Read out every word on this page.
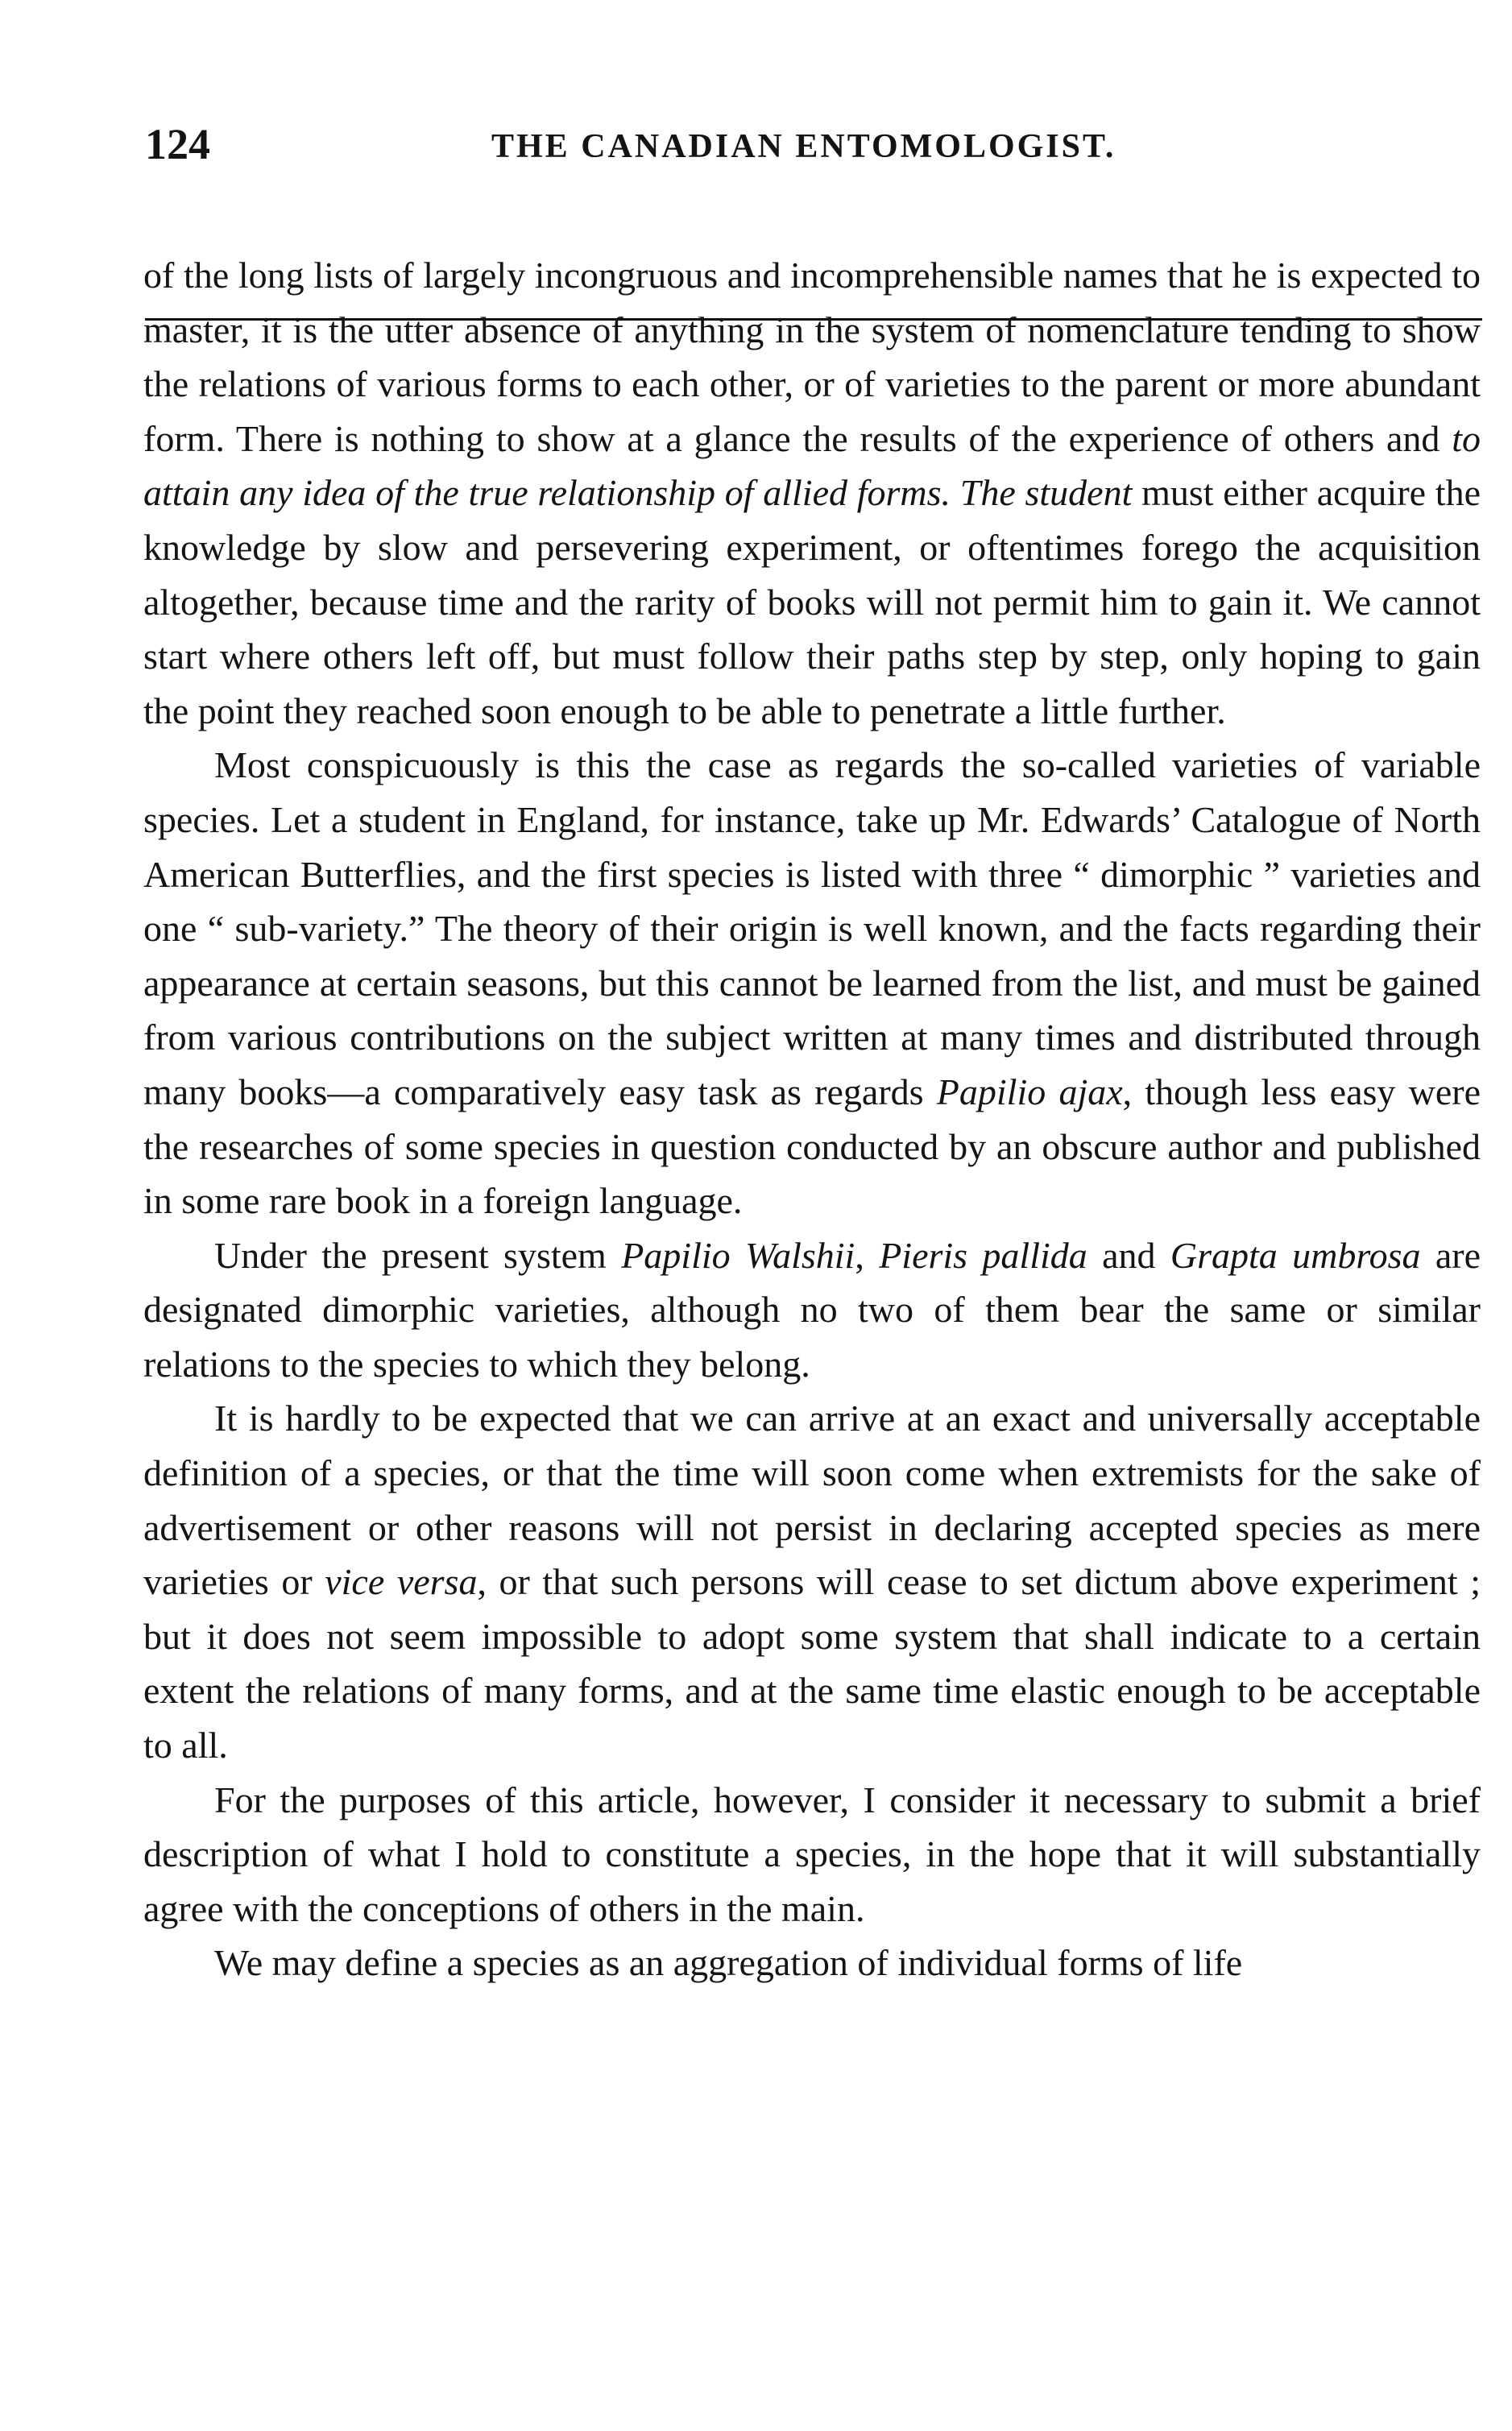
124	THE CANADIAN ENTOMOLOGIST.

of the long lists of largely incongruous and incomprehensible names that he is expected to master, it is the utter absence of anything in the system of nomenclature tending to show the relations of various forms to each other, or of varieties to the parent or more abundant form. There is nothing to show at a glance the results of the experience of others and to attain any idea of the true relationship of allied forms. The student must either acquire the knowledge by slow and persevering experiment, or oftentimes forego the acquisition altogether, because time and the rarity of books will not permit him to gain it. We cannot start where others left off, but must follow their paths step by step, only hoping to gain the point they reached soon enough to be able to penetrate a little further.

Most conspicuously is this the case as regards the so-called varieties of variable species. Let a student in England, for instance, take up Mr. Edwards’ Catalogue of North American Butterflies, and the first species is listed with three “ dimorphic ” varieties and one “ sub-variety.” The theory of their origin is well known, and the facts regarding their appearance at certain seasons, but this cannot be learned from the list, and must be gained from various contributions on the subject written at many times and distributed through many books—a comparatively easy task as regards Papilio ajax, though less easy were the researches of some species in question conducted by an obscure author and published in some rare book in a foreign language.

Under the present system Papilio Walshii, Pieris pallida and Grapta umbrosa are designated dimorphic varieties, although no two of them bear the same or similar relations to the species to which they belong.

It is hardly to be expected that we can arrive at an exact and universally acceptable definition of a species, or that the time will soon come when extremists for the sake of advertisement or other reasons will not persist in declaring accepted species as mere varieties or vice versa, or that such persons will cease to set dictum above experiment ; but it does not seem impossible to adopt some system that shall indicate to a certain extent the relations of many forms, and at the same time elastic enough to be acceptable to all.

For the purposes of this article, however, I consider it necessary to submit a brief description of what I hold to constitute a species, in the hope that it will substantially agree with the conceptions of others in the main.

We may define a species as an aggregation of individual forms of life
